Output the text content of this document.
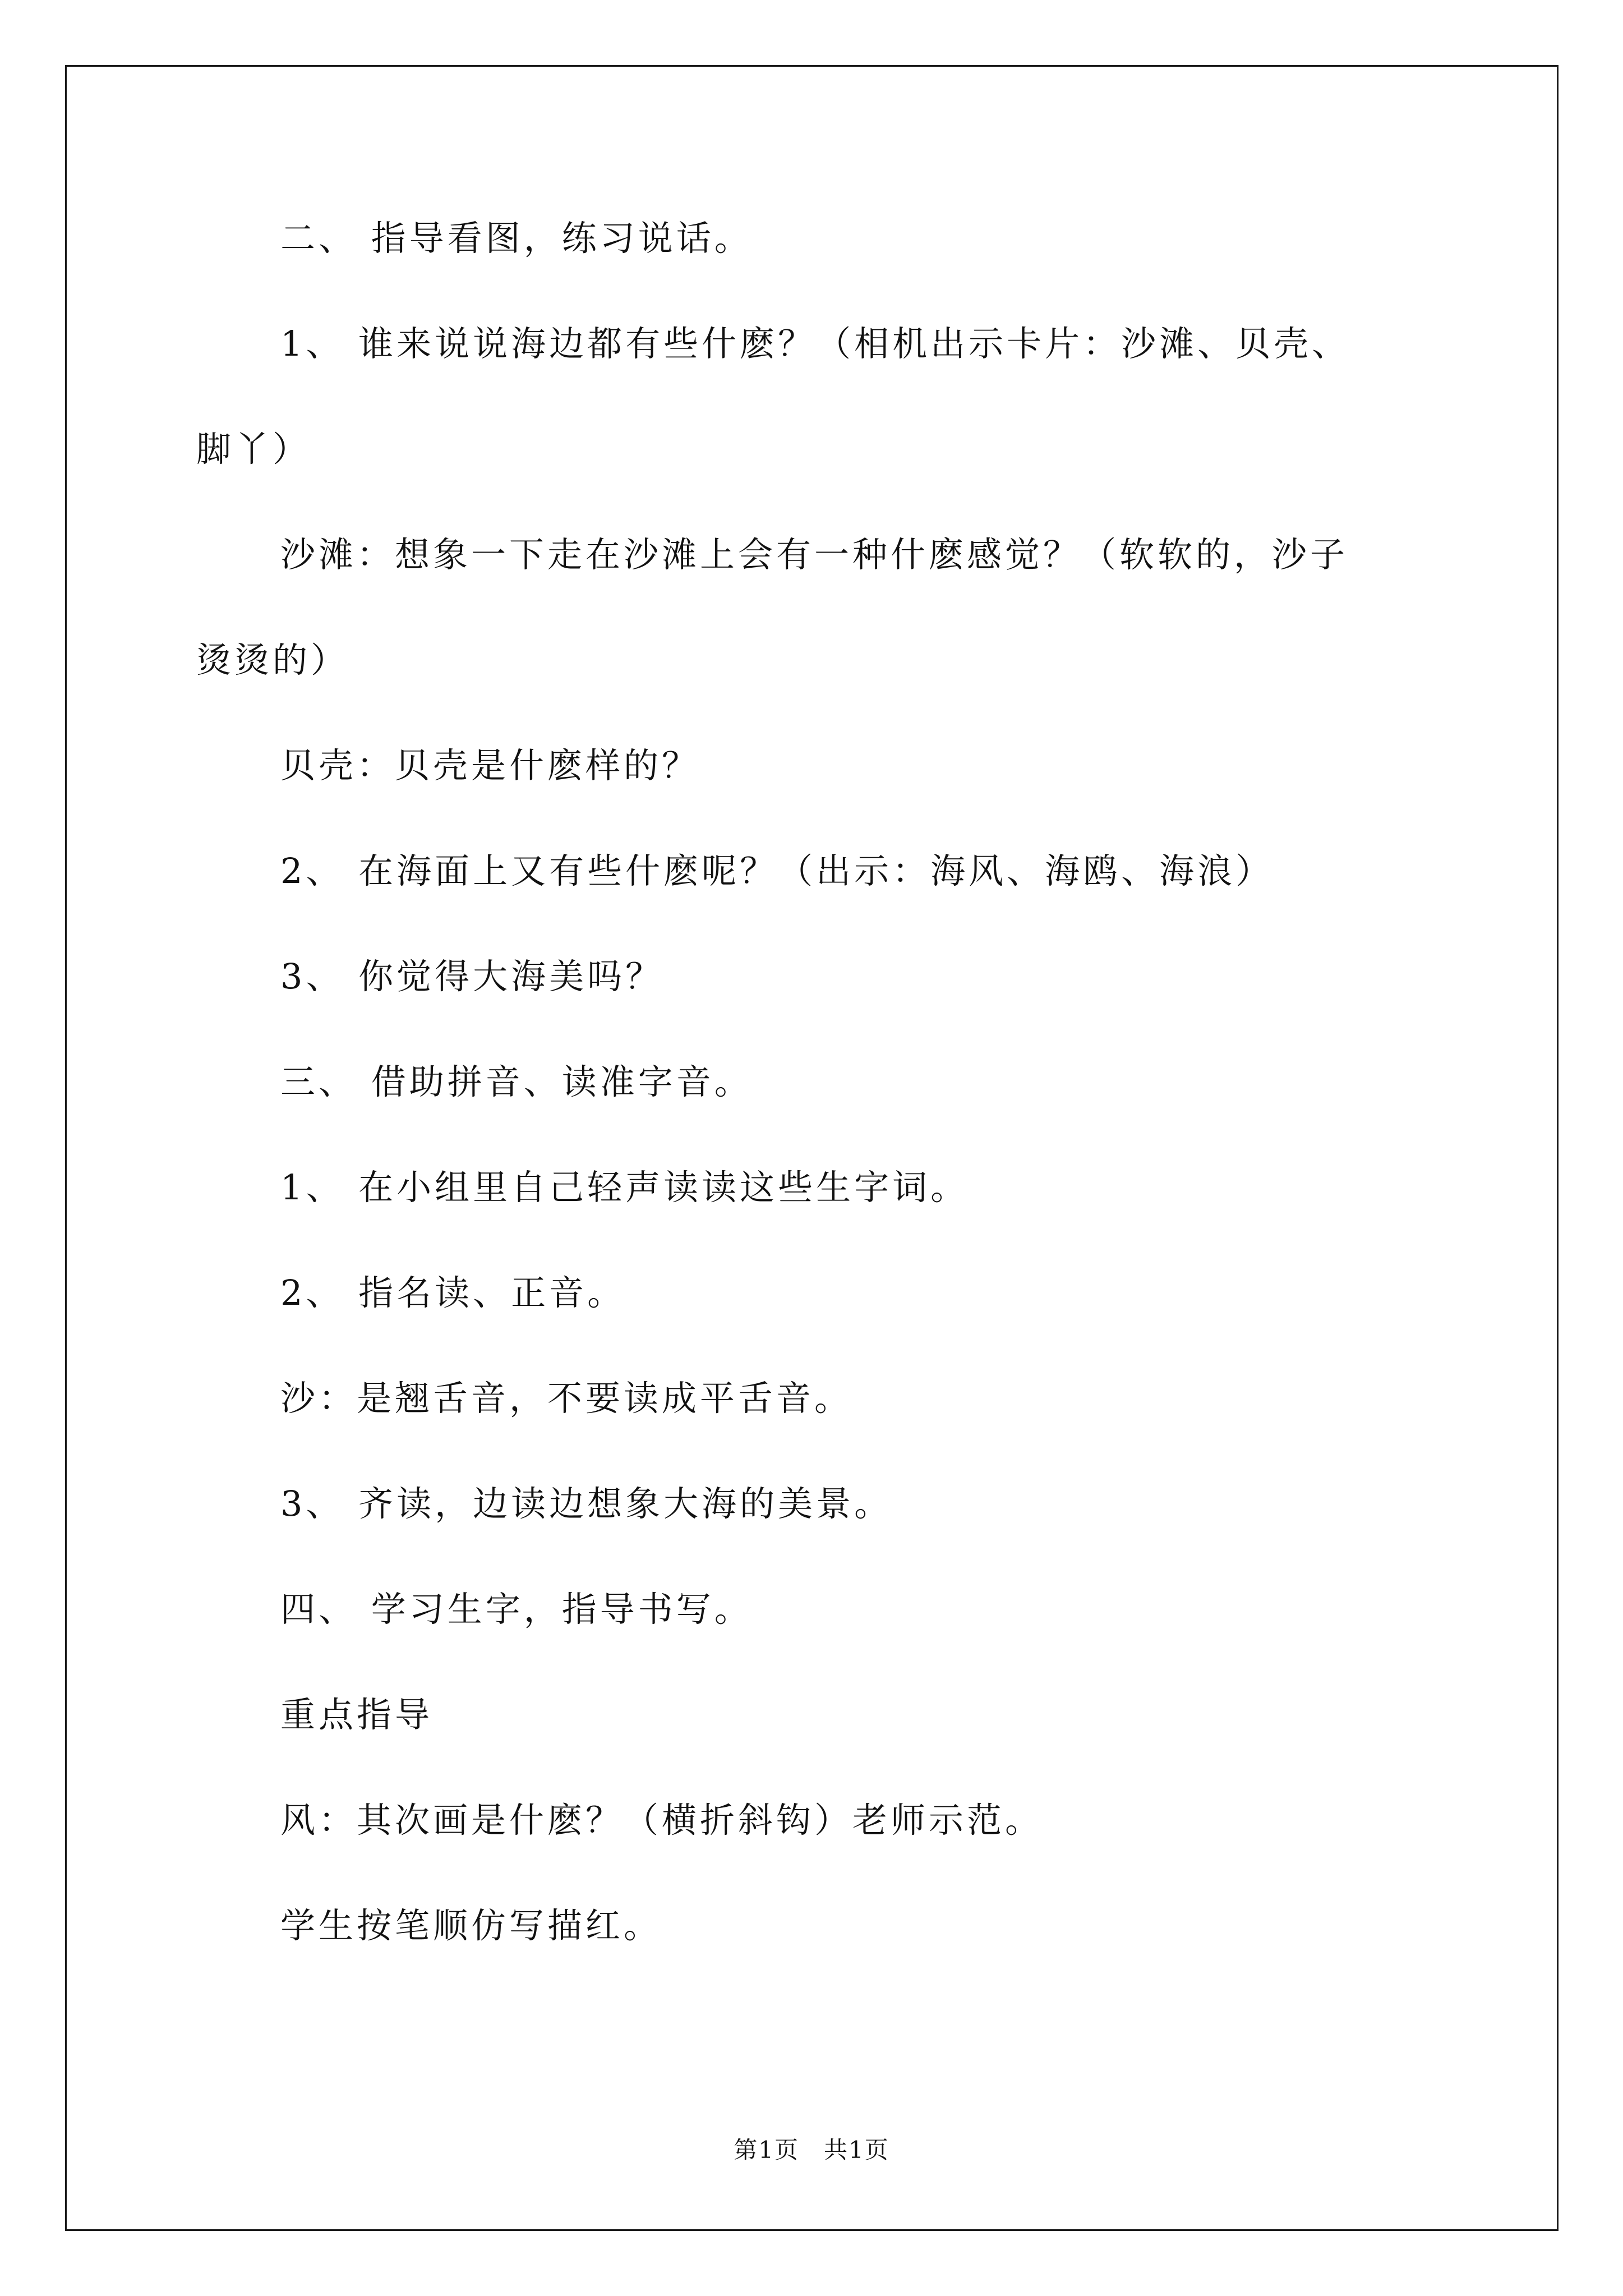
二、 指导看图，练习说话。
1、 谁来说说海边都有些什麽？（相机出示卡片：沙滩、贝壳、
脚丫）
沙滩：想象一下走在沙滩上会有一种什麽感觉？（软软的，沙子
烫烫的）
贝壳：贝壳是什麽样的？
2、 在海面上又有些什麽呢？（出示：海风、海鸥、海浪）
3、 你觉得大海美吗？
三、 借助拼音、读准字音。
1、 在小组里自己轻声读读这些生字词。
2、 指名读、正音。
沙：是翘舌音，不要读成平舌音。
3、 齐读，边读边想象大海的美景。
四、 学习生字，指导书写。
重点指导
风：其次画是什麽？（横折斜钩）老师示范。
学生按笔顺仿写描红。
第1页　共1页
